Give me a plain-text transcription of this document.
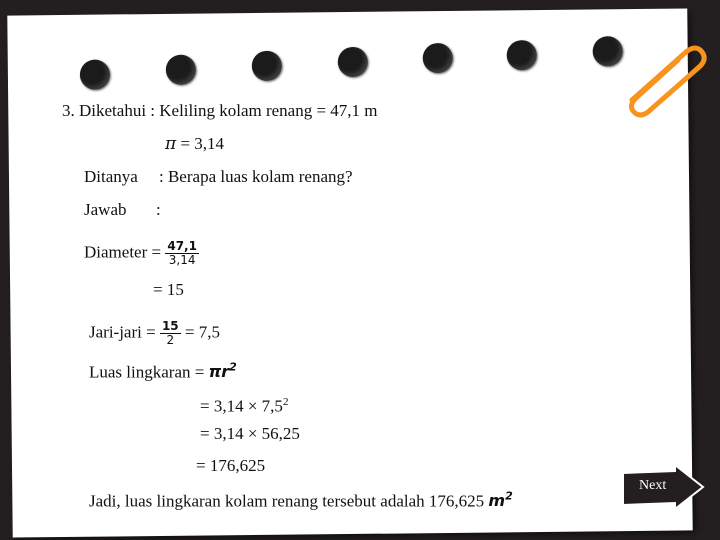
3. Diketahui : Keliling kolam renang = 47,1 m
π = 3,14
Ditanya : Berapa luas kolam renang?
Jawab :
Diameter = $\frac{47,1}{3,14}$
= 15
Jari-jari = $\frac{15}{2} = 7,5$
Luas lingkaran = $\pi r^2$
= $3,14 \times 7,5^2$
= 3,14 × 56,25
= 176,625
Jadi, luas lingkaran kolam renang tersebut adalah 176,625 $m^2$
Next
